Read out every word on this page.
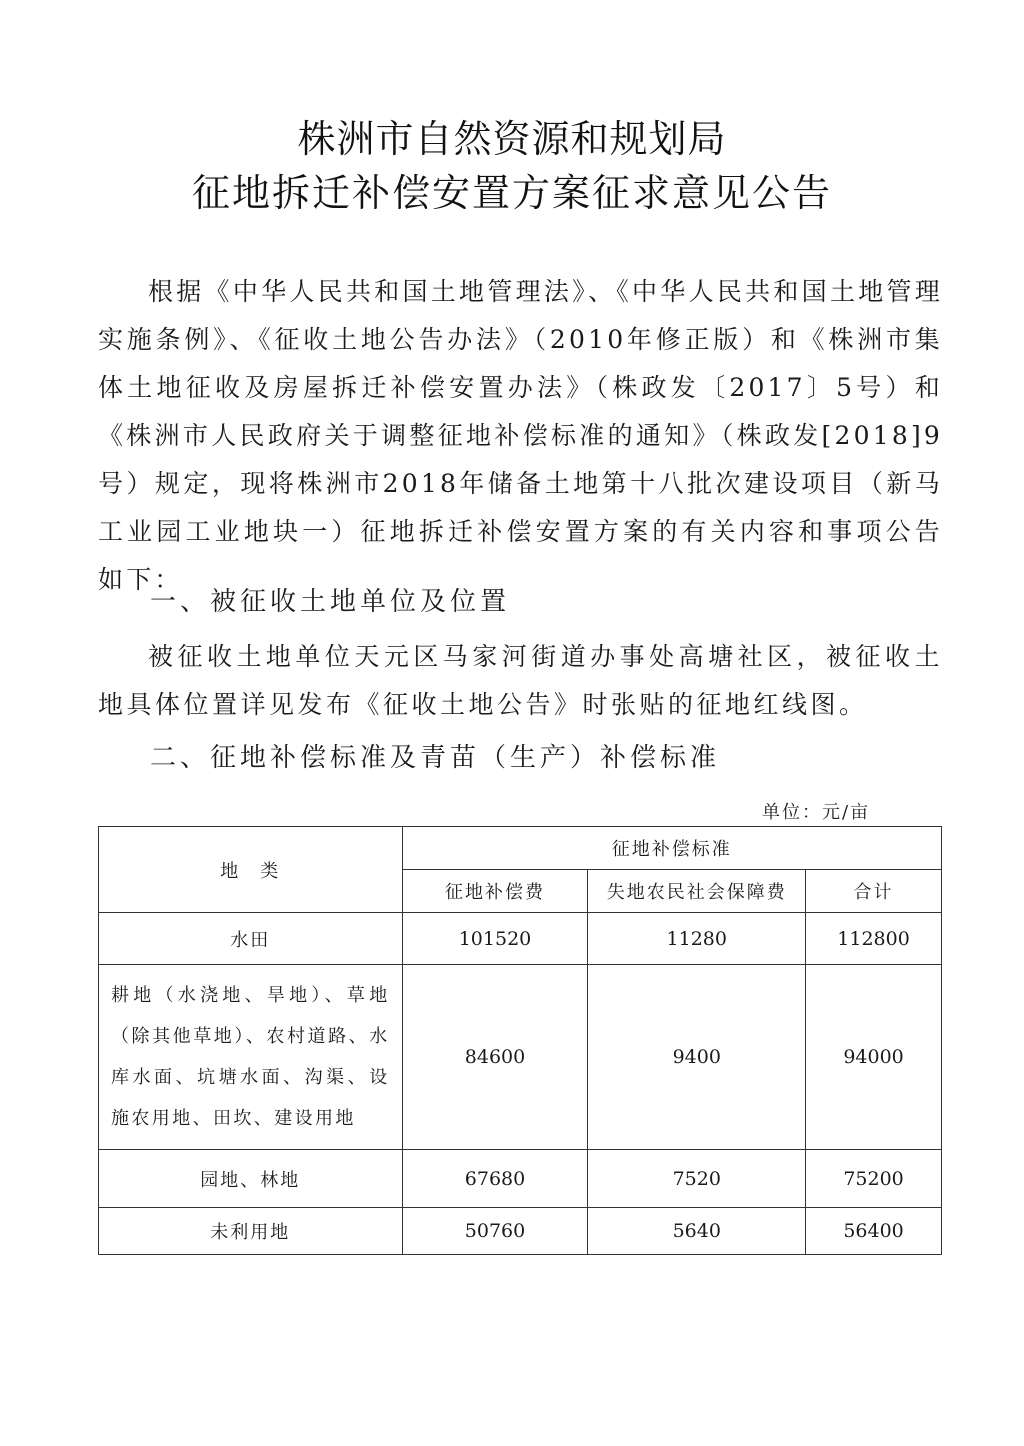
株洲市自然资源和规划局
征地拆迁补偿安置方案征求意见公告

根据《中华人民共和国土地管理法》、《中华人民共和国土地管理实施条例》、《征收土地公告办法》（2010年修正版）和《株洲市集体土地征收及房屋拆迁补偿安置办法》（株政发〔2017〕5号）和《株洲市人民政府关于调整征地补偿标准的通知》（株政发[2018]9号）规定，现将株洲市2018年储备土地第十八批次建设项目（新马工业园工业地块一）征地拆迁补偿安置方案的有关内容和事项公告如下：

一、被征收土地单位及位置

被征收土地单位天元区马家河街道办事处高塘社区，被征收土地具体位置详见发布《征收土地公告》时张贴的征地红线图。

二、征地补偿标准及青苗（生产）补偿标准

单位：元/亩
地　类	征地补偿标准		
	征地补偿费	失地农民社会保障费	合计
水田	101520	11280	112800
耕地（水浇地、旱地）、草地（除其他草地）、农村道路、水库水面、坑塘水面、沟渠、设施农用地、田坎、建设用地	84600	9400	94000
园地、林地	67680	7520	75200
未利用地	50760	5640	56400
